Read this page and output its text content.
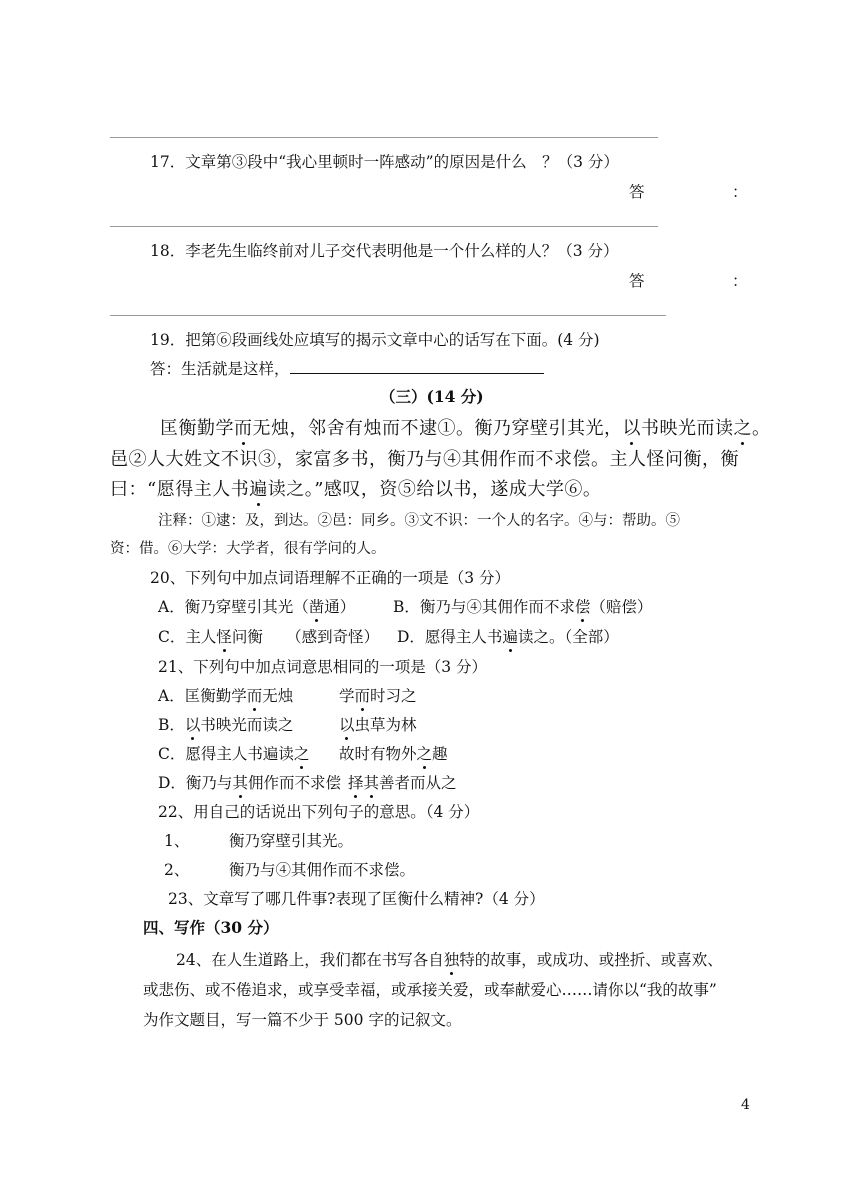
17．文章第③段中“我心里顿时一阵感动”的原因是什么　？（3 分）
答	：
18．李老先生临终前对儿子交代表明他是一个什么样的人？（3 分）
答	：
19．把第⑥段画线处应填写的揭示文章中心的话写在下面。(4 分)
答：生活就是这样，
（三）(14 分)
匡衡勤学而无烛，邻舍有烛而不逮①。衡乃穿壁引其光，以书映光而读之。
邑②人大姓文不识③，家富多书，衡乃与④其佣作而不求偿。主人怪问衡，衡
曰：“愿得主人书遍读之。”感叹，资⑤给以书，遂成大学⑥。
注释：①逮：及，到达。②邑：同乡。③文不识：一个人的名字。④与：帮助。⑤
资：借。⑥大学：大学者，很有学问的人。
20、下列句中加点词语理解不正确的一项是（3 分）
A．衡乃穿壁引其光（凿通） B．衡乃与④其佣作而不求偿（赔偿）
C．主人怪问衡　　（感到奇怪） D．愿得主人书遍读之。（全部）
21、下列句中加点词意思相同的一项是（3 分）
A．匡衡勤学而无烛	学而时习之
B．以书映光而读之	以虫草为林
C．愿得主人书遍读之 故时有物外之趣
D．衡乃与其佣作而不求偿 择其善者而从之
22、用自己的话说出下列句子的意思。（4 分）
1、	衡乃穿壁引其光。
2、	衡乃与④其佣作而不求偿。
23、文章写了哪几件事?表现了匡衡什么精神?（4 分）
四、写作（30 分）
24、在人生道路上，我们都在书写各自独特的故事，或成功、或挫折、或喜欢、
或悲伤、或不倦追求，或享受幸福，或承接关爱，或奉献爱心……请你以“我的故事”
为作文题目，写一篇不少于 500 字的记叙文。
4
